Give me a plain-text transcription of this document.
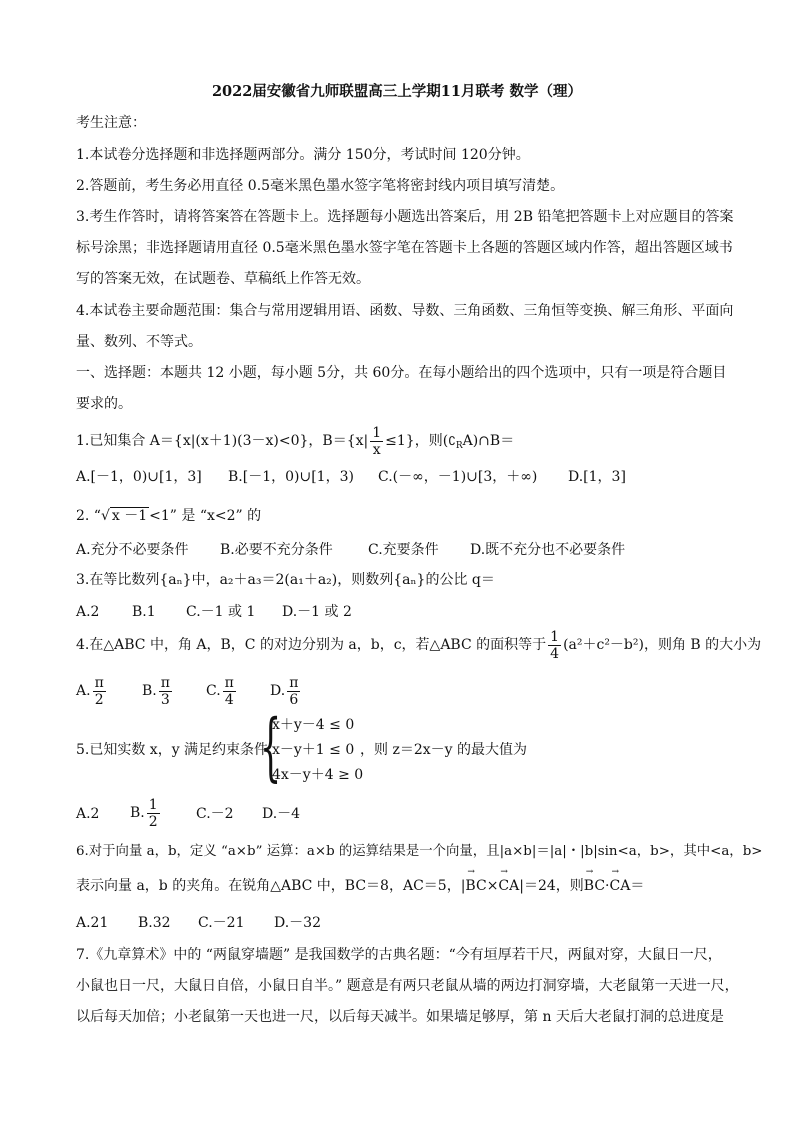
2022届安徽省九师联盟高三上学期11月联考 数学（理）
考生注意：
1.本试卷分选择题和非选择题两部分。满分 150分，考试时间 120分钟。
2.答题前，考生务必用直径 0.5毫米黑色墨水签字笔将密封线内项目填写清楚。
3.考生作答时，请将答案答在答题卡上。选择题每小题选出答案后，用 2B 铅笔把答题卡上对应题目的答案
标号涂黑；非选择题请用直径 0.5毫米黑色墨水签字笔在答题卡上各题的答题区域内作答，超出答题区域书
写的答案无效，在试题卷、草稿纸上作答无效。
4.本试卷主要命题范围：集合与常用逻辑用语、函数、导数、三角函数、三角恒等变换、解三角形、平面向
量、数列、不等式。
一、选择题：本题共 12 小题，每小题 5分，共 60分。在每小题给出的四个选项中，只有一项是符合题目
要求的。
1.已知集合 A＝{x|(x＋1)(3－x)<0}，$B=\{x| \frac{1}{x} \le 1\}$，则$(∁_RA)\cap B=$
A.[－1，0)∪[1，3] B.[－1，0)∪[1，3) C.(－∞，－1)∪[3，＋∞) D.[1，3]
2. “√ x －1 <1” 是 “x<2” 的
A.充分不必要条件 B.必要不充分条件	C.充要条件 D.既不充分也不必要条件
3.在等比数列{aₙ}中，a₂＋a₃＝2(a₁＋a₂)，则数列{aₙ}的公比 q＝
A.2 B.1 C.－1 或 1 D.－1 或 2
4.在△ABC 中，角 A，B，C 的对边分别为 a，b，c，若△ABC 的面积等于 $\frac{1}{4} (a^2+c^2-b^2)$，则角 B 的大小为
A. $\frac{\pi}{2}$	B. $\frac{\pi}{3} C$. $\frac{\pi}{4} D$. $\frac{\pi}{6}$
5.已知实数 x，y 满足约束条件
{
x＋y－4 ≤ 0
x－y＋1 ≤ 0
4x－y＋4 ≥ 0
，则 z＝2x－y 的最大值为
A.2 B. $\frac{1}{2}$	C.－2 D.－4
6.对于向量 a，b，定义 “a×b” 运算：a×b 的运算结果是一个向量，且|a×b|＝|a|・|b|sin<a，b>，其中<a，b>
表示向量 a，b 的夹角。在锐角△ABC 中，BC＝8，AC＝5，|→ BC×→ CA|＝24，则→ BC·→ CA＝
A.21 B.32 C.－21 D.－32
7.《九章算术》中的 “两鼠穿墙题” 是我国数学的古典名题：“今有垣厚若干尺，两鼠对穿，大鼠日一尺，
小鼠也日一尺，大鼠日自倍，小鼠日自半。” 题意是有两只老鼠从墙的两边打洞穿墙，大老鼠第一天进一尺，
以后每天加倍；小老鼠第一天也进一尺，以后每天减半。如果墙足够厚，第 n 天后大老鼠打洞的总进度是
